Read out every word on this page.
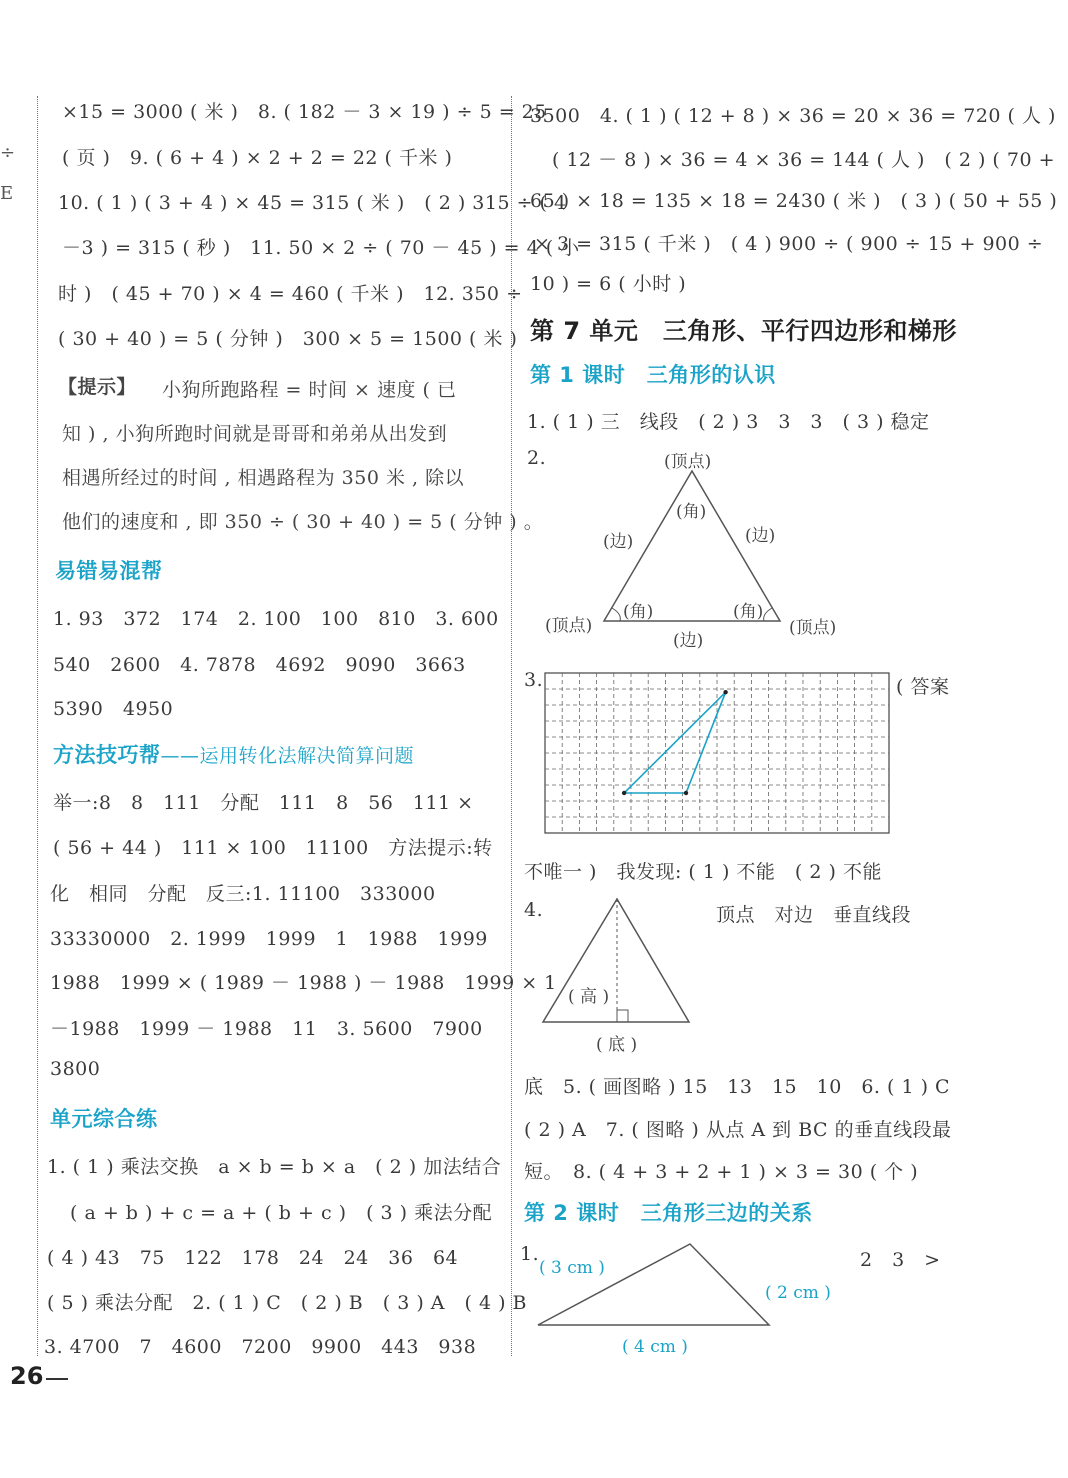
÷
E
×15 = 3000 ( 米 )　8. ( 182 － 3 × 19 ) ÷ 5 = 25
( 页 )　9. ( 6 + 4 ) × 2 + 2 = 22 ( 千米 )
10. ( 1 ) ( 3 + 4 ) × 45 = 315 ( 米 )　( 2 ) 315 ÷ ( 4
－3 ) = 315 ( 秒 )　11. 50 × 2 ÷ ( 70 － 45 ) = 4 ( 小
时 )　( 45 + 70 ) × 4 = 460 ( 千米 )　12. 350 ÷
( 30 + 40 ) = 5 ( 分钟 )　300 × 5 = 1500 ( 米 )
【提示】 小狗所跑路程 = 时间 × 速度 ( 已
知 ) , 小狗所跑时间就是哥哥和弟弟从出发到
相遇所经过的时间 , 相遇路程为 350 米 , 除以
他们的速度和 , 即 350 ÷ ( 30 + 40 ) = 5 ( 分钟 ) 。
易错易混帮
1. 93　372　174　2. 100　100　810　3. 600
540　2600　4. 7878　4692　9090　3663
5390　4950
方法技巧帮——运用转化法解决简算问题
举一:8　8　111　分配　111　8　56　111 ×
( 56 + 44 )　111 × 100　11100　方法提示:转
化　相同　分配　反三:1. 11100　333000
33330000　2. 1999　1999　1　1988　1999
1988　1999 × ( 1989 － 1988 ) － 1988　1999 × 1
－1988　1999 － 1988　11　3. 5600　7900
3800
单元综合练
1. ( 1 ) 乘法交换　a × b = b × a　( 2 ) 加法结合
( a + b ) + c = a + ( b + c )　( 3 ) 乘法分配
( 4 ) 43　75　122　178　24　24　36　64
( 5 ) 乘法分配　2. ( 1 ) C　( 2 ) B　( 3 ) A　( 4 ) B
3. 4700　7　4600　7200　9900　443　938
3500　4. ( 1 ) ( 12 + 8 ) × 36 = 20 × 36 = 720 ( 人 )
( 12 － 8 ) × 36 = 4 × 36 = 144 ( 人 )　( 2 ) ( 70 +
65 ) × 18 = 135 × 18 = 2430 ( 米 )　( 3 ) ( 50 + 55 )
× 3 = 315 ( 千米 )　( 4 ) 900 ÷ ( 900 ÷ 15 + 900 ÷
10 ) = 6 ( 小时 )
第 7 单元　三角形、平行四边形和梯形
第 1 课时　三角形的认识
1. ( 1 ) 三　线段　( 2 ) 3　3　3　( 3 ) 稳定
2.	(顶点)
(角)
(边)	(边)
(顶点)
(角)	(角)
(顶点)
(边)
3.	( 答案
不唯一 )　我发现: ( 1 ) 不能　( 2 ) 不能
4.
( 高 )
( 底 )
顶点　对边　垂直线段
底　5. ( 画图略 ) 15　13　15　10　6. ( 1 ) C
( 2 ) A　7. ( 图略 ) 从点 A 到 BC 的垂直线段最
短。　8. ( 4 + 3 + 2 + 1 ) × 3 = 30 ( 个 )
第 2 课时　三角形三边的关系
1.
( 3 cm )
( 2 cm )
( 4 cm )
2　3　>
26
